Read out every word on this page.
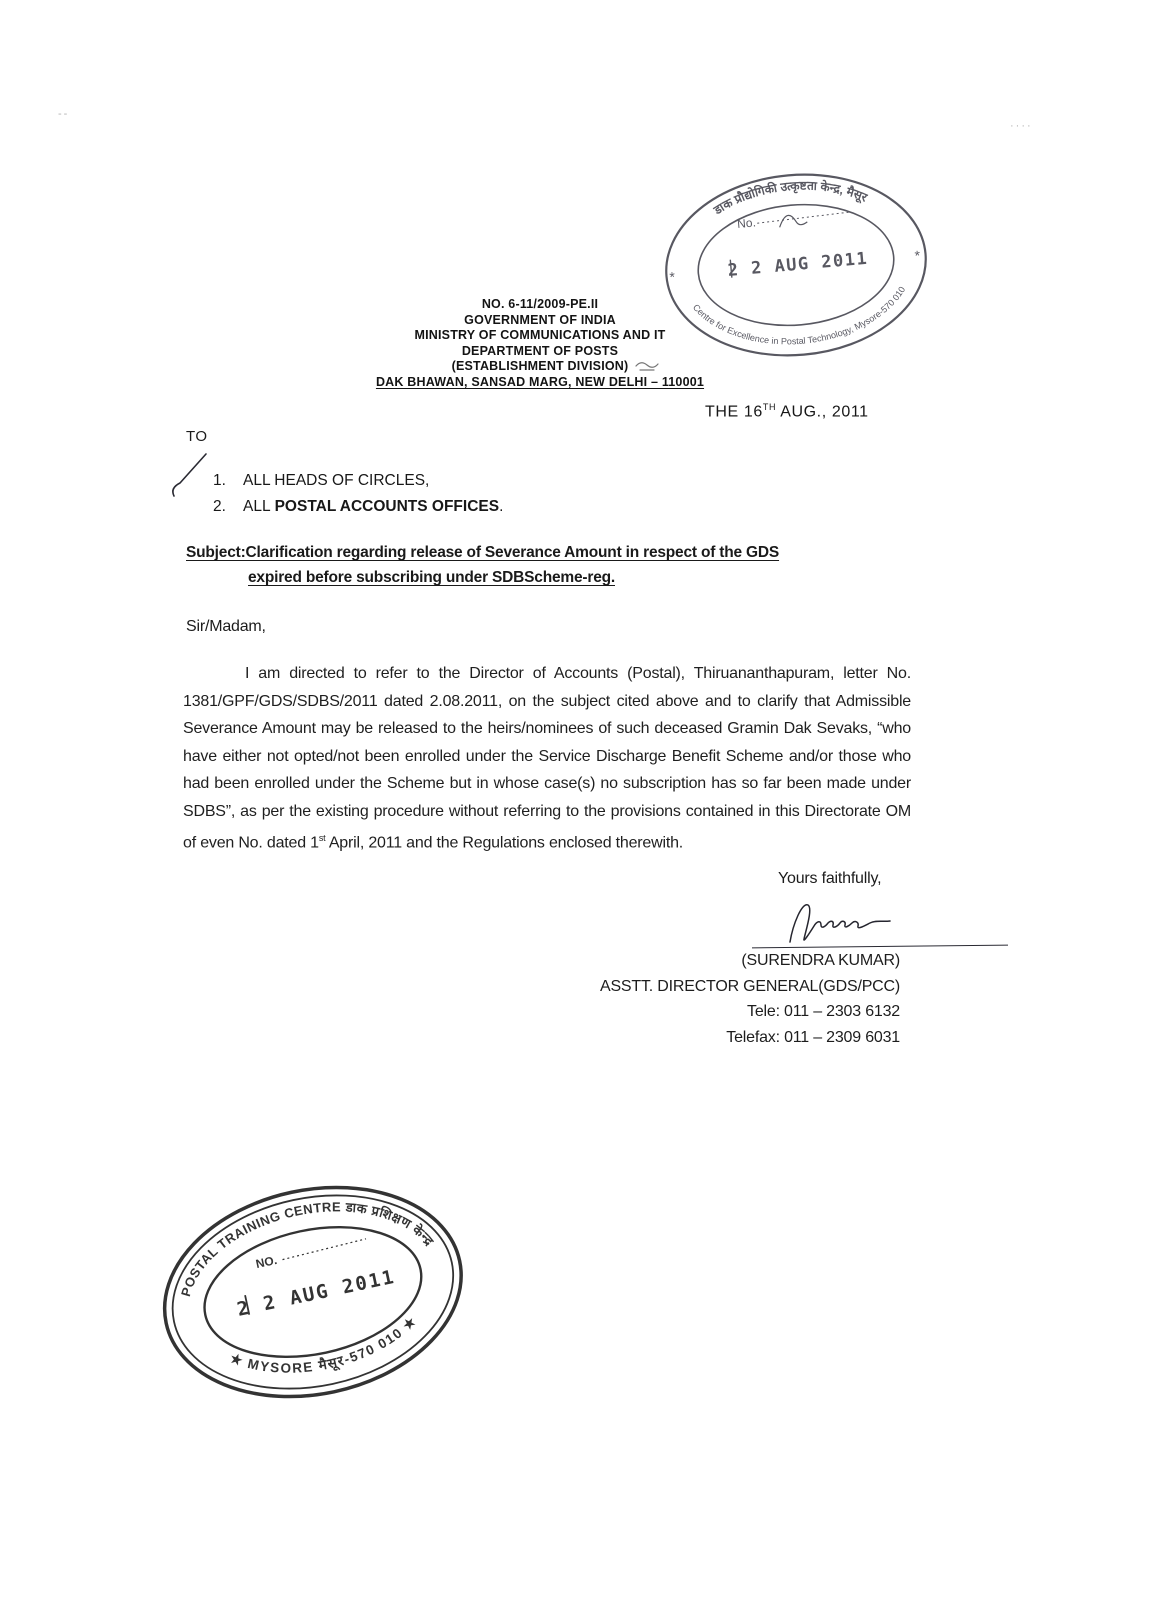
--
····
NO. 6-11/2009-PE.II
GOVERNMENT OF INDIA
MINISTRY OF COMMUNICATIONS AND IT
DEPARTMENT OF POSTS
(ESTABLISHMENT DIVISION)
DAK BHAWAN, SANSAD MARG, NEW DELHI – 110001
THE 16TH AUG., 2011
TO
1.	ALL HEADS OF CIRCLES,
2.	ALL POSTAL ACCOUNTS OFFICES .
Subject:Clarification regarding release of Severance Amount in respect of the GDS
expired before subscribing under SDBScheme-reg.
Sir/Madam,

I am directed to refer to the Director of Accounts (Postal), Thiruananthapuram, letter No. 1381/GPF/GDS/SDBS/2011 dated 2.08.2011, on the subject cited above and to clarify that Admissible Severance Amount may be released to the heirs/nominees of such deceased Gramin Dak Sevaks, “who have either not opted/not been enrolled under the Service Discharge Benefit Scheme and/or those who had been enrolled under the Scheme but in whose case(s) no subscription has so far been made under SDBS”, as per the existing procedure without referring to the provisions contained in this Directorate OM of even No. dated 1st April, 2011 and the Regulations enclosed therewith.

Yours faithfully,
(SURENDRA KUMAR)
ASSTT. DIRECTOR GENERAL(GDS/PCC)
Tele: 011 – 2303 6132
Telefax: 011 – 2309 6031
डाक प्रौद्योगिकी उत्कृष्टता केन्द्र, मैसूर
Centre for Excellence in Postal Technology, Mysore-570 010
*
*
No.
2 2 AUG 2011
POSTAL TRAINING CENTRE डाक प्रशिक्षण केन्द्र
★ MYSORE मैसूर-570 010 ★
NO.
2 2 AUG 2011
